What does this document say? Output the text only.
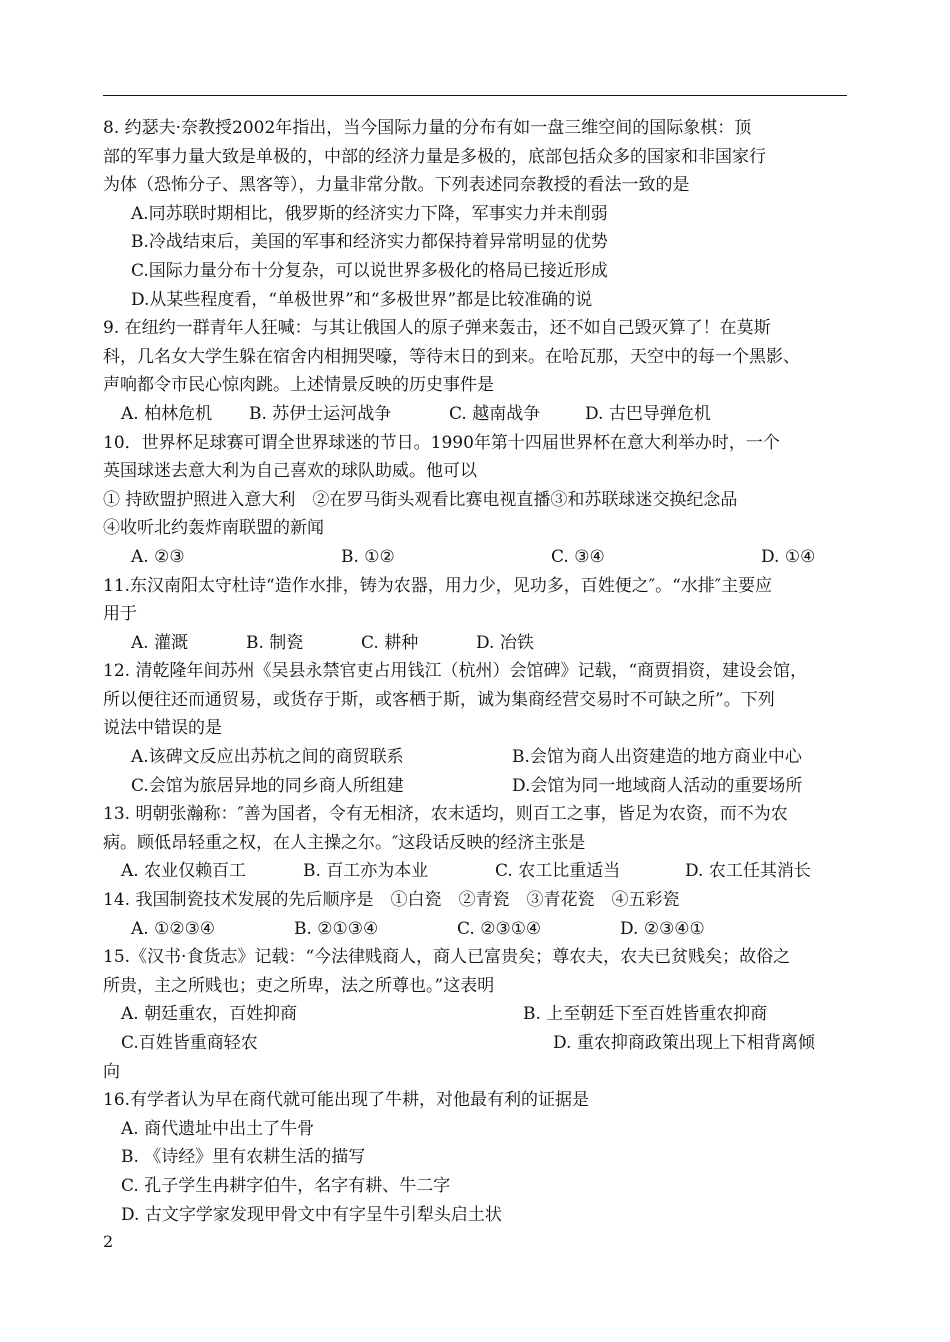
8. 约瑟夫·奈教授2002年指出，当今国际力量的分布有如一盘三维空间的国际象棋：顶
部的军事力量大致是单极的，中部的经济力量是多极的，底部包括众多的国家和非国家行
为体（恐怖分子、黑客等），力量非常分散。下列表述同奈教授的看法一致的是
A.同苏联时期相比，俄罗斯的经济实力下降，军事实力并未削弱
B.冷战结束后，美国的军事和经济实力都保持着异常明显的优势
C.国际力量分布十分复杂，可以说世界多极化的格局已接近形成
D.从某些程度看，“单极世界”和“多极世界”都是比较准确的说
9. 在纽约一群青年人狂喊：与其让俄国人的原子弹来轰击，还不如自己毁灭算了！在莫斯
科，几名女大学生躲在宿舍内相拥哭嚎，等待末日的到来。在哈瓦那，天空中的每一个黑影、
声响都令市民心惊肉跳。上述情景反映的历史事件是
A. 柏林危机	B. 苏伊士运河战争	C. 越南战争	D. 古巴导弹危机
10．世界杯足球赛可谓全世界球迷的节日。1990年第十四届世界杯在意大利举办时，一个
英国球迷去意大利为自己喜欢的球队助威。他可以
① 持欧盟护照进入意大利　②在罗马街头观看比赛电视直播③和苏联球迷交换纪念品
④收听北约轰炸南联盟的新闻
A. ②③	B. ①②	C. ③④	D. ①④
11.东汉南阳太守杜诗“造作水排，铸为农器，用力少，见功多，百姓便之″。“水排″主要应
用于
A. 灌溉	B. 制瓷	C. 耕种	D. 冶铁
12. 清乾隆年间苏州《吴县永禁官吏占用钱江（杭州）会馆碑》记载，“商贾捐资，建设会馆，
所以便往还而通贸易，或货存于斯，或客栖于斯，诚为集商经营交易时不可缺之所”。下列
说法中错误的是
A.该碑文反应出苏杭之间的商贸联系	B.会馆为商人出资建造的地方商业中心
C.会馆为旅居异地的同乡商人所组建	D.会馆为同一地域商人活动的重要场所
13. 明朝张瀚称：″善为国者，令有无相济，农末适均，则百工之事，皆足为农资，而不为农
病。顾低昂轻重之权，在人主操之尔。″这段话反映的经济主张是
A. 农业仅赖百工	B. 百工亦为本业	C. 农工比重适当	D. 农工任其消长
14. 我国制瓷技术发展的先后顺序是　①白瓷　②青瓷　③青花瓷　④五彩瓷
A. ①②③④	B. ②①③④	C. ②③①④	D. ②③④①
15.《汉书·食货志》记载：“今法律贱商人，商人已富贵矣；尊农夫，农夫已贫贱矣；故俗之
所贵，主之所贱也；吏之所卑，法之所尊也。”这表明
A. 朝廷重农，百姓抑商	B. 上至朝廷下至百姓皆重农抑商
C.百姓皆重商轻农	D. 重农抑商政策出现上下相背离倾
向
16.有学者认为早在商代就可能出现了牛耕，对他最有利的证据是
A. 商代遗址中出土了牛骨
B. 《诗经》里有农耕生活的描写
C. 孔子学生冉耕字伯牛，名字有耕、牛二字
D. 古文字学家发现甲骨文中有字呈牛引犁头启土状
2
